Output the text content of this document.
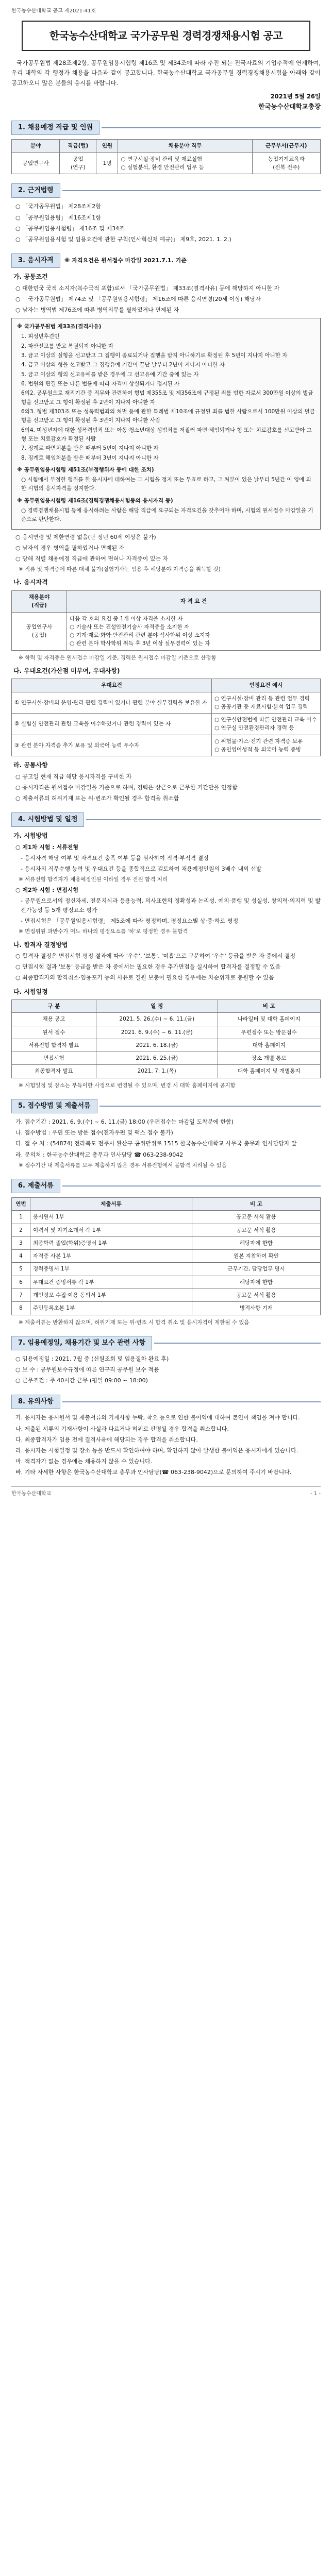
한국농수산대학교 공고 제2021-41호
한국농수산대학교 국가공무원 경력경쟁채용시험 공고

국가공무원법 제28조제2항, 공무원임용시험령 제16조 및 제34조에 따라 추진 되는 전국자료의 기업추적에 연계하여, 우리 대학의 각 행정가 채용을 다음과 같이 공고합니다. 한국농수산대학교 국가공무원 경력경쟁채용시험을 아래와 같이 공고하오니 많은 분들의 응시를 바랍니다.

2021년 5월 26일
한국농수산대학교총장
1. 채용예정 직급 및 인원
분야	직급(렬)	인원	채용분야 직무	근무부서(근무지)
공업연구사	공업
(연구)	1명	○ 연구시설·장비 관리 및 재료실험
○ 실험분석, 환경 안전관리 업무 등	농업기계교육과
(전북 전주)
2. 근거법령
○ 「국가공무원법」 제28조제2항
○ 「공무원임용령」 제16조제1항
○ 「공무원임용시험령」 제16조 및 제34조
○ 「공무원임용시험 및 임용요건에 관한 규칙(인사혁신처 예규)」 제9호, 2021. 1. 2.)
3. 응시자격	※ 자격요건은 원서접수 마감일 2021.7.1. 기준
가. 공통조건
○ 대한민국 국적 소지자(복수국적 포함)로서 「국가공무원법」 제33조(결격사유) 등에 해당하지 아니한 자
○ 「국가공무원법」 제74조 및 「공무원임용시험령」 제16조에 따른 응시연령(20세 이상) 해당자
○ 남자는 병역법 제76조에 따른 병역의무를 필하였거나 면제된 자
※ 국가공무원법 제33조(결격사유)
1. 피성년후견인
2. 파산선고를 받고 복권되지 아니한 자
3. 금고 이상의 실형을 선고받고 그 집행이 종료되거나 집행을 받지 아니하기로 확정된 후 5년이 지나지 아니한 자
4. 금고 이상의 형을 선고받고 그 집행유예 기간이 끝난 날부터 2년이 지나지 아니한 자
5. 금고 이상의 형의 선고유예를 받은 경우에 그 선고유예 기간 중에 있는 자
6. 법원의 판결 또는 다른 법률에 따라 자격이 상실되거나 정지된 자
6의2. 공무원으로 재직기간 중 직무와 관련하여 형법 제355조 및 제356조에 규정된 죄를 범한 자로서 300만원 이상의 벌금형을 선고받고 그 형이 확정된 후 2년이 지나지 아니한 자
6의3. 형법 제303조 또는 성폭력범죄의 처벌 등에 관한 특례법 제10조에 규정된 죄를 범한 사람으로서 100만원 이상의 벌금형을 선고받고 그 형이 확정된 후 3년이 지나지 아니한 사람
6의4. 미성년자에 대한 성폭력범죄 또는 아동·청소년대상 성범죄를 저질러 파면·해임되거나 형 또는 치료감호를 선고받아 그 형 또는 치료감호가 확정된 사람
7. 징계로 파면처분을 받은 때부터 5년이 지나지 아니한 자
8. 징계로 해임처분을 받은 때부터 3년이 지나지 아니한 자
※ 공무원임용시험령 제51조(부정행위자 등에 대한 조치)
○ 시험에서 부정한 행위를 한 응시자에 대하여는 그 시험을 정지 또는 무효로 하고, 그 처분이 있은 날부터 5년간 이 영에 의한 시험의 응시자격을 정지한다.
※ 공무원임용시험령 제16조(경력경쟁채용시험등의 응시자격 등)
○ 경력경쟁채용시험 등에 응시하려는 사람은 해당 직급에 요구되는 자격요건을 갖추어야 하며, 시험의 원서접수 마감일을 기준으로 판단한다.
○ 응시연령 및 제한연령 없음(단 정년 60세 이상은 불가)
○ 남자의 경우 병역을 필하였거나 면제된 자
○ 당해 직렬 채용예정 직급에 관하여 면허나 자격증이 있는 자
※ 직류 및 자격증에 따른 대체 불가(실험기사는 임용 후 해당분야 자격증을 취득할 것)
나. 응시자격
채용분야
(직급)	자 격 요 건
공업연구사
(공업)	다음 각 호의 요건 중 1개 이상 자격을 소지한 자
○ 기술사 또는 건설안전기술사 자격증을 소지한 자
○ 기계·재료·화학·안전관리 관련 분야 석사학위 이상 소지자
○ 관련 분야 학사학위 취득 후 3년 이상 실무경력이 있는 자
※ 학력 및 자격증은 원서접수 마감일 기준, 경력은 원서접수 마감일 기준으로 산정함
다. 우대요건(가산점 미부여, 우대사항)
우대요건	인정요건 예시
① 연구시설·장비의 운영·관리 관련 경력이 있거나 관련 분야 실무경력을 보유한 자	○ 연구시설·장비 관리 등 관련 업무 경력
○ 공공기관 등 재료시험·분석 업무 경력
② 실험실 안전관리 관련 교육을 이수하였거나 관련 경력이 있는 자	○ 연구실안전법에 따른 안전관리 교육 이수
○ 연구실 안전환경관리자 경력 등
③ 관련 분야 자격증 추가 보유 및 외국어 능력 우수자	○ 위험물·가스·전기 관련 자격증 보유
○ 공인영어성적 등 외국어 능력 증빙
라. 공통사항
○ 공고일 현재 직급 해당 응시자격을 구비한 자
○ 응시자격은 원서접수 마감일을 기준으로 하며, 경력은 상근으로 근무한 기간만을 인정함
○ 제출서류의 허위기재 또는 위·변조가 확인될 경우 합격을 취소함
4. 시험방법 및 일정
가. 시험방법
○ 제1차 시험 : 서류전형
- 응시자격 해당 여부 및 자격요건 충족 여부 등을 심사하여 적격·부적격 결정
- 응시자의 직무수행 능력 및 우대요건 등을 종합적으로 검토하여 채용예정인원의 3배수 내외 선발
※ 서류전형 합격자가 채용예정인원 이하일 경우 전원 합격 처리
○ 제2차 시험 : 면접시험
- 공무원으로서의 정신자세, 전문지식과 응용능력, 의사표현의 정확성과 논리성, 예의·품행 및 성실성, 창의력·의지력 및 발전가능성 등 5개 평정요소 평가
- 면접시험은 「공무원임용시험령」 제5조에 따라 평정하며, 평정요소별 상·중·하로 평정
※ 면접위원 과반수가 어느 하나의 평정요소를 '하'로 평정한 경우 불합격
나. 합격자 결정방법
○ 합격자 결정은 면접시험 평정 결과에 따라 '우수', '보통', '미흡'으로 구분하여 '우수' 등급을 받은 자 중에서 결정
○ 면접시험 결과 '보통' 등급을 받은 자 중에서는 필요한 경우 추가면접을 실시하여 합격자를 결정할 수 있음
○ 최종합격자의 합격취소·임용포기 등의 사유로 결원 보충이 필요한 경우에는 차순위자로 충원할 수 있음
다. 시험일정
구 분	일 정	비 고
채용 공고	2021. 5. 26.(수) ~ 6. 11.(금)	나라일터 및 대학 홈페이지
원서 접수	2021. 6. 9.(수) ~ 6. 11.(금)	우편접수 또는 방문접수
서류전형 합격자 발표	2021. 6. 18.(금)	대학 홈페이지
면접시험	2021. 6. 25.(금)	장소 개별 통보
최종합격자 발표	2021. 7. 1.(목)	대학 홈페이지 및 개별통지
※ 시험일정 및 장소는 부득이한 사정으로 변경될 수 있으며, 변경 시 대학 홈페이지에 공지함
5. 접수방법 및 제출서류
가. 접수기간 : 2021. 6. 9.(수) ~ 6. 11.(금) 18:00 (우편접수는 마감일 도착분에 한함)
나. 접수방법 : 우편 또는 방문 접수(전자우편 및 팩스 접수 불가)
다. 접 수 처 : (54874) 전라북도 전주시 완산구 콩쥐팥쥐로 1515 한국농수산대학교 사무국 총무과 인사담당자 앞
라. 문의처 : 한국농수산대학교 총무과 인사담당 ☎ 063-238-9042
※ 접수기간 내 제출서류를 모두 제출하지 않은 경우 서류전형에서 불합격 처리될 수 있음
6. 제출서류
연번	제출서류	비 고
1	응시원서 1부	공고문 서식 활용
2	이력서 및 자기소개서 각 1부	공고문 서식 활용
3	최종학력 졸업(학위)증명서 1부	해당자에 한함
4	자격증 사본 1부	원본 지참하여 확인
5	경력증명서 1부	근무기간, 담당업무 명시
6	우대요건 증빙서류 각 1부	해당자에 한함
7	개인정보 수집·이용 동의서 1부	공고문 서식 활용
8	주민등록초본 1부	병적사항 기재
※ 제출서류는 반환하지 않으며, 허위기재 또는 위·변조 시 합격 취소 및 응시자격이 제한될 수 있음
7. 임용예정일, 채용기간 및 보수 관련 사항
○ 임용예정일 : 2021. 7월 중 (신원조회 및 임용절차 완료 후)
○ 보 수 : 공무원보수규정에 따른 연구직 공무원 보수 적용
○ 근무조건 : 주 40시간 근무 (평일 09:00 ~ 18:00)
8. 유의사항
가. 응시자는 응시원서 및 제출서류의 기재사항 누락, 착오 등으로 인한 불이익에 대하여 본인이 책임을 져야 합니다.
나. 제출된 서류의 기재사항이 사실과 다르거나 허위로 판명될 경우 합격을 취소합니다.
다. 최종합격자가 임용 전에 결격사유에 해당되는 경우 합격을 취소합니다.
라. 응시자는 시험일정 및 장소 등을 반드시 확인하여야 하며, 확인하지 않아 발생한 불이익은 응시자에게 있습니다.
마. 적격자가 없는 경우에는 채용하지 않을 수 있습니다.
바. 기타 자세한 사항은 한국농수산대학교 총무과 인사담당(☎ 063-238-9042)으로 문의하여 주시기 바랍니다.
한국농수산대학교	- 1 -
